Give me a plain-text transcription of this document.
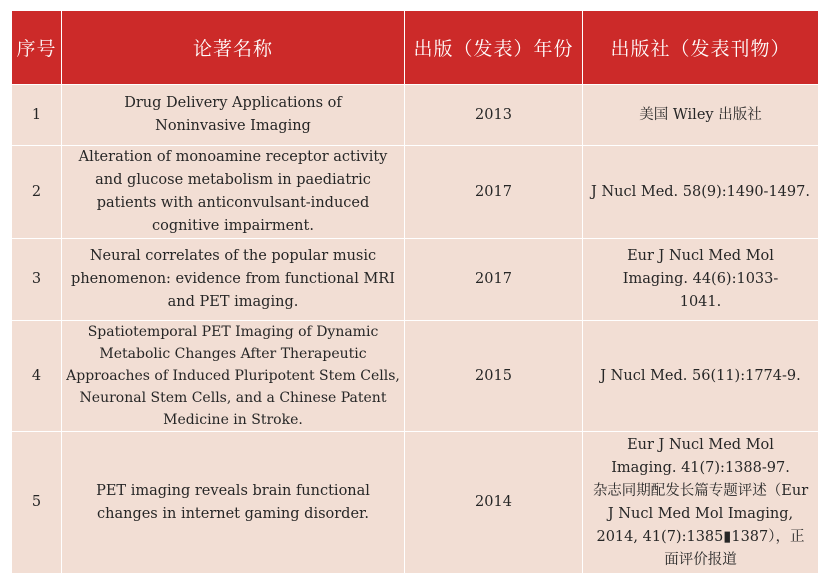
序号	论著名称	出版（发表）年份	出版社（发表刊物）
1	Drug Delivery Applications of Noninvasive Imaging	2013	美国 Wiley 出版社

2	Alteration of monoamine receptor activity and glucose metabolism in paediatric patients with anticonvulsant-induced cognitive impairment.	2017	J Nucl Med. 58(9):1490-1497.

3	Neural correlates of the popular music phenomenon: evidence from functional MRI and PET imaging.	2017	Eur J Nucl Med Mol Imaging. 44(6):1033-1041.

4	Spatiotemporal PET Imaging of Dynamic Metabolic Changes After Therapeutic Approaches of Induced Pluripotent Stem Cells, Neuronal Stem Cells, and a Chinese Patent Medicine in Stroke.	2015	J Nucl Med. 56(11):1774-9.

5	PET imaging reveals brain functional changes in internet gaming disorder.	2014	Eur J Nucl Med Mol Imaging. 41(7):1388-97.
杂志同期配发长篇专题评述（Eur J Nucl Med Mol Imaging, 2014, 41(7):1385▮1387），正面评价报道
